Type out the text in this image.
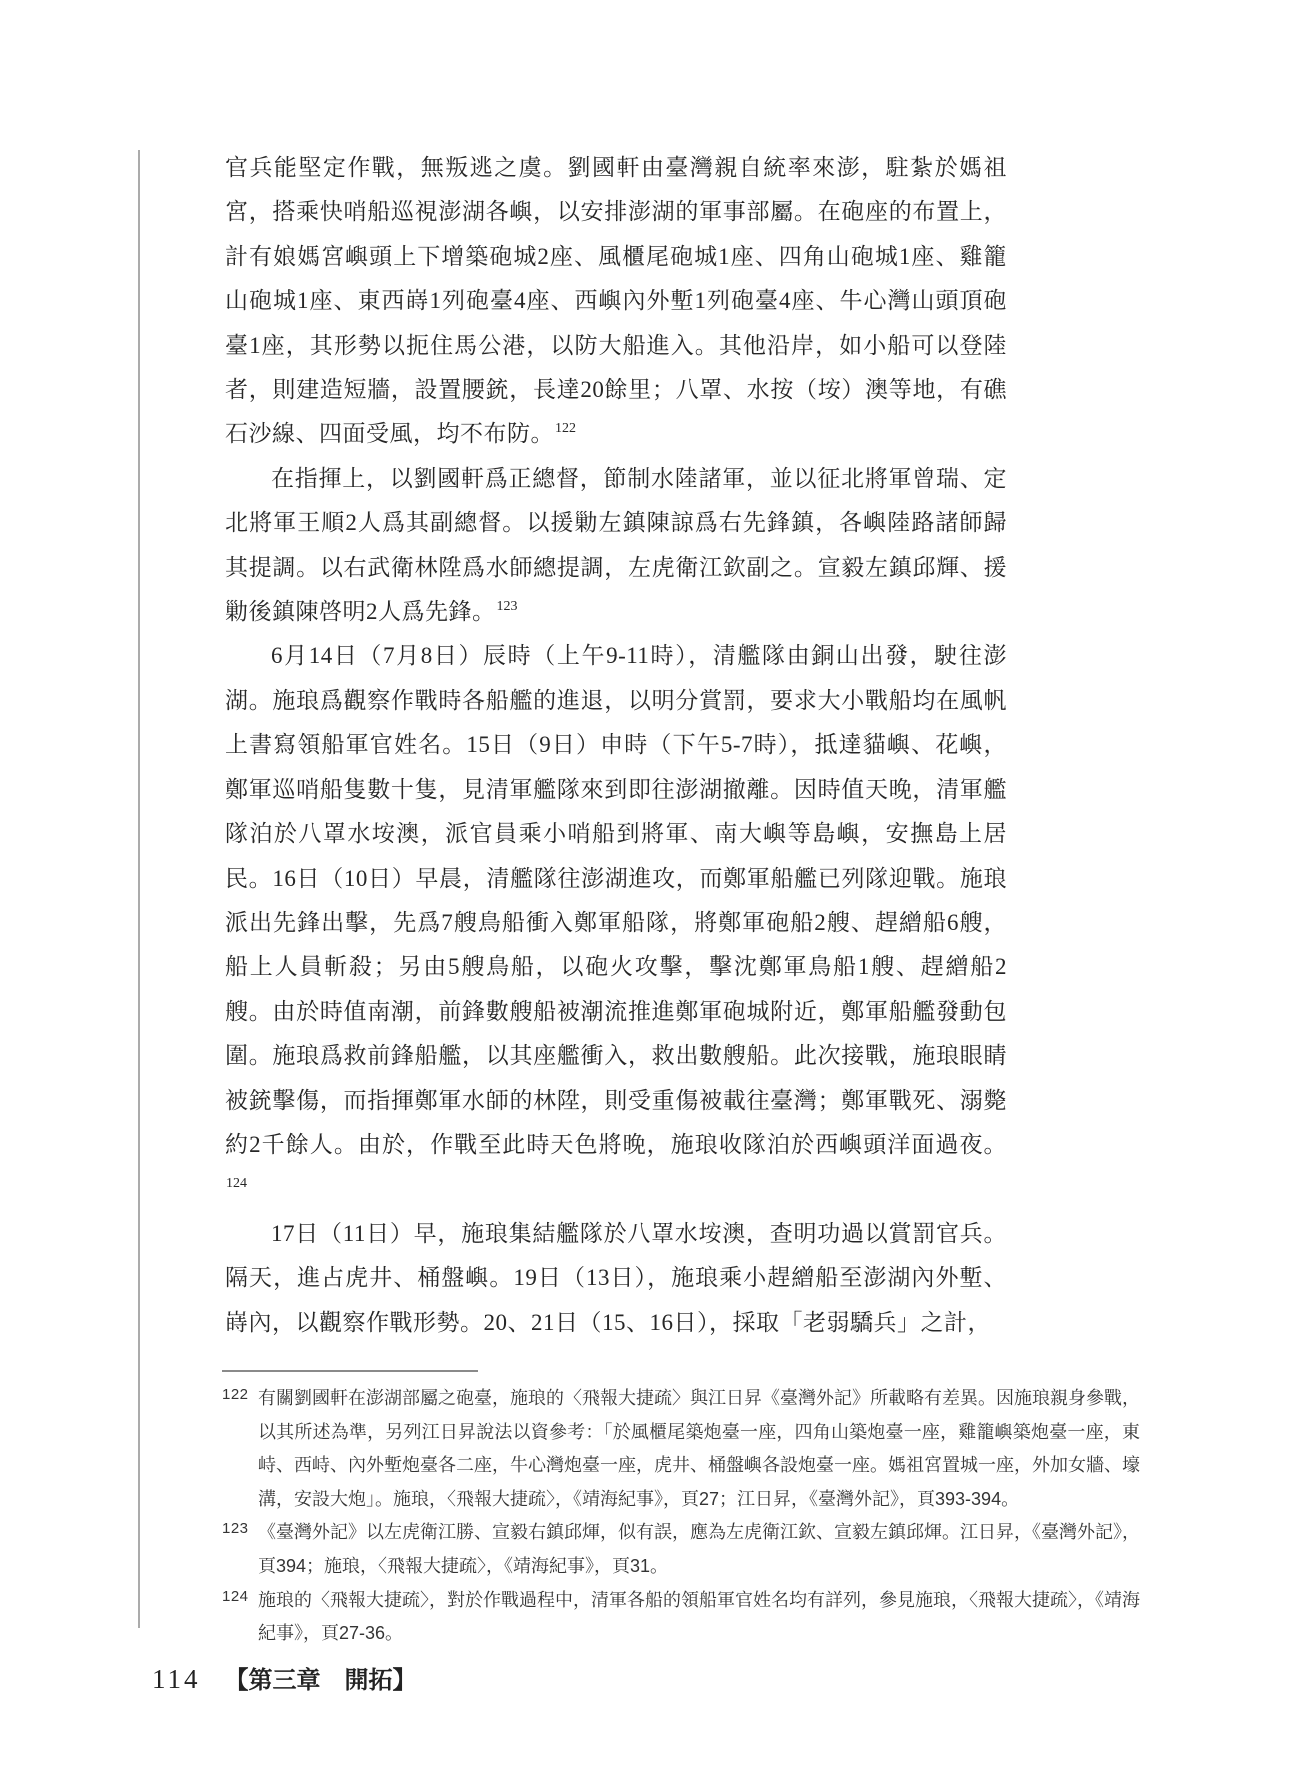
官兵能堅定作戰，無叛逃之虞。劉國軒由臺灣親自統率來澎，駐紮於媽祖宮，搭乘快哨船巡視澎湖各嶼，以安排澎湖的軍事部屬。在砲座的布置上，計有娘媽宮嶼頭上下增築砲城2座、風櫃尾砲城1座、四角山砲城1座、雞籠山砲城1座、東西嵵1列砲臺4座、西嶼內外塹1列砲臺4座、牛心灣山頭頂砲臺1座，其形勢以扼住馬公港，以防大船進入。其他沿岸，如小船可以登陸者，則建造短牆，設置腰銃，長達20餘里；八罩、水按（垵）澳等地，有礁石沙線、四面受風，均不布防。$^{122}$

在指揮上，以劉國軒爲正總督，節制水陸諸軍，並以征北將軍曾瑞、定北將軍王順2人爲其副總督。以援勦左鎮陳諒爲右先鋒鎮，各嶼陸路諸師歸其提調。以右武衛林陞爲水師總提調，左虎衛江欽副之。宣毅左鎮邱輝、援勦後鎮陳啓明2人爲先鋒。$^{123}$

6月14日（7月8日）辰時（上午9-11時），清艦隊由銅山出發，駛往澎湖。施琅爲觀察作戰時各船艦的進退，以明分賞罰，要求大小戰船均在風帆上書寫領船軍官姓名。15日（9日）申時（下午5-7時），抵達貓嶼、花嶼，鄭軍巡哨船隻數十隻，見清軍艦隊來到即往澎湖撤離。因時值天晚，清軍艦隊泊於八罩水垵澳，派官員乘小哨船到將軍、南大嶼等島嶼，安撫島上居民。16日（10日）早晨，清艦隊往澎湖進攻，而鄭軍船艦已列隊迎戰。施琅派出先鋒出擊，先爲7艘鳥船衝入鄭軍船隊，將鄭軍砲船2艘、趕繒船6艘，船上人員斬殺；另由5艘鳥船，以砲火攻擊，擊沈鄭軍鳥船1艘、趕繒船2艘。由於時值南潮，前鋒數艘船被潮流推進鄭軍砲城附近，鄭軍船艦發動包圍。施琅爲救前鋒船艦，以其座艦衝入，救出數艘船。此次接戰，施琅眼睛被銃擊傷，而指揮鄭軍水師的林陞，則受重傷被載往臺灣；鄭軍戰死、溺斃約2千餘人。由於，作戰至此時天色將晚，施琅收隊泊於西嶼頭洋面過夜。$^{124}$

17日（11日）早，施琅集結艦隊於八罩水垵澳，查明功過以賞罰官兵。隔天，進占虎井、桶盤嶼。19日（13日），施琅乘小趕繒船至澎湖內外塹、嵵內，以觀察作戰形勢。20、21日（15、16日），採取「老弱驕兵」之計，

122 有關劉國軒在澎湖部屬之砲臺，施琅的〈飛報大捷疏〉與江日昇《臺灣外記》所載略有差異。因施琅親身參戰，以其所述為準，另列江日昇說法以資參考：「於風櫃尾築炮臺一座，四角山築炮臺一座，雞籠嶼築炮臺一座，東峙、西峙、內外塹炮臺各二座，牛心灣炮臺一座，虎井、桶盤嶼各設炮臺一座。媽祖宮置城一座，外加女牆、壕溝，安設大炮」。施琅，〈飛報大捷疏〉，《靖海紀事》，頁27；江日昇，《臺灣外記》，頁393-394。
123 《臺灣外記》以左虎衛江勝、宣毅右鎮邱煇，似有誤，應為左虎衛江欽、宣毅左鎮邱煇。江日昇，《臺灣外記》，頁394；施琅，〈飛報大捷疏〉，《靖海紀事》，頁31。
124 施琅的〈飛報大捷疏〉，對於作戰過程中，清軍各船的領船軍官姓名均有詳列，參見施琅，〈飛報大捷疏〉，《靖海紀事》，頁27-36。
114 【第三章　開拓】
